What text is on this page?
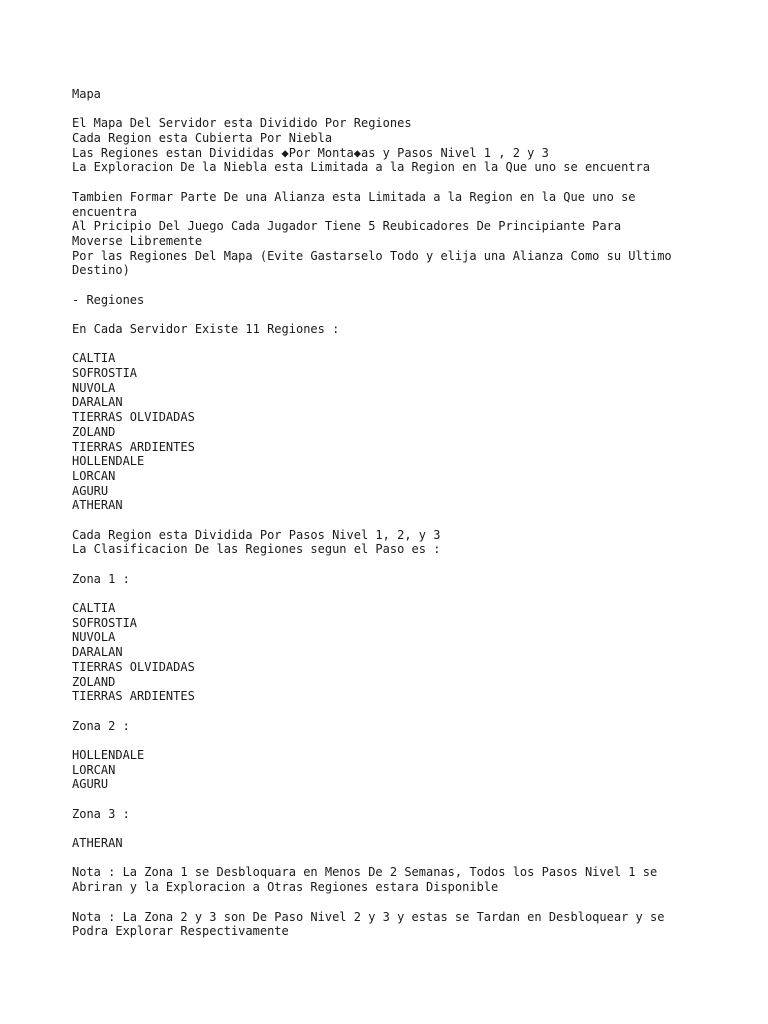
Mapa
El Mapa Del Servidor esta Dividido Por Regiones
Cada Region esta Cubierta Por Niebla
Las Regiones estan Divididas ◆Por Monta◆as y Pasos Nivel 1 , 2 y 3
La Exploracion De la Niebla esta Limitada a la Region en la Que uno se encuentra
Tambien Formar Parte De una Alianza esta Limitada a la Region en la Que uno se
encuentra
Al Pricipio Del Juego Cada Jugador Tiene 5 Reubicadores De Principiante Para
Moverse Libremente
Por las Regiones Del Mapa (Evite Gastarselo Todo y elija una Alianza Como su Ultimo
Destino)
- Regiones
En Cada Servidor Existe 11 Regiones :
CALTIA
SOFROSTIA
NUVOLA
DARALAN
TIERRAS OLVIDADAS
ZOLAND
TIERRAS ARDIENTES
HOLLENDALE
LORCAN
AGURU
ATHERAN
Cada Region esta Dividida Por Pasos Nivel 1, 2, y 3
La Clasificacion De las Regiones segun el Paso es :
Zona 1 :
CALTIA
SOFROSTIA
NUVOLA
DARALAN
TIERRAS OLVIDADAS
ZOLAND
TIERRAS ARDIENTES
Zona 2 :
HOLLENDALE
LORCAN
AGURU
Zona 3 :
ATHERAN
Nota : La Zona 1 se Desbloquara en Menos De 2 Semanas, Todos los Pasos Nivel 1 se
Abriran y la Exploracion a Otras Regiones estara Disponible
Nota : La Zona 2 y 3 son De Paso Nivel 2 y 3 y estas se Tardan en Desbloquear y se
Podra Explorar Respectivamente
